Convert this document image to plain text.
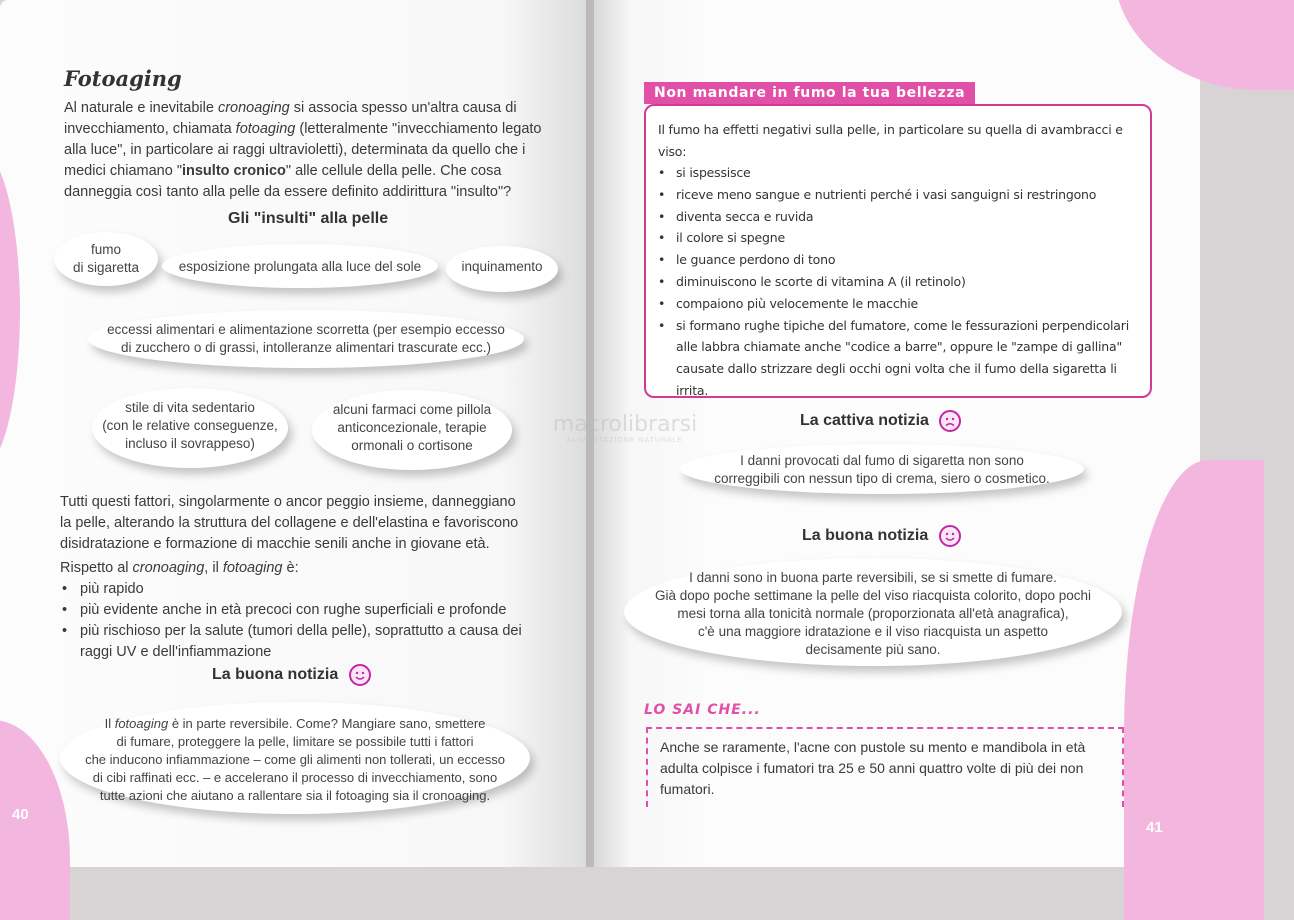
Fotoaging
Al naturale e inevitabile cronoaging si associa spesso un'altra causa di invecchiamento, chiamata fotoaging (letteralmente "invecchiamento legato alla luce", in particolare ai raggi ultravioletti), determinata da quello che i medici chiamano "insulto cronico" alle cellule della pelle. Che cosa danneggia così tanto alla pelle da essere definito addirittura "insulto"?
Gli "insulti" alla pelle
fumo
di sigaretta	esposizione prolungata alla luce del sole	inquinamento
eccessi alimentari e alimentazione scorretta (per esempio eccesso
di zucchero o di grassi, intolleranze alimentari trascurate ecc.)
stile di vita sedentario
(con le relative conseguenze,
incluso il sovrappeso)
alcuni farmaci come pillola
anticoncezionale, terapie
ormonali o cortisone
Tutti questi fattori, singolarmente o ancor peggio insieme, danneggiano la pelle, alterando la struttura del collagene e dell'elastina e favoriscono disidratazione e formazione di macchie senili anche in giovane età.
Rispetto al cronoaging, il fotoaging è:
• più rapido
• più evidente anche in età precoci con rughe superficiali e profonde
• più rischioso per la salute (tumori della pelle), soprattutto a causa dei raggi UV e dell'infiammazione
La buona notizia
Il fotoaging è in parte reversibile. Come? Mangiare sano, smettere
di fumare, proteggere la pelle, limitare se possibile tutti i fattori
che inducono infiammazione – come gli alimenti non tollerati, un eccesso
di cibi raffinati ecc. – e accelerano il processo di invecchiamento, sono
tutte azioni che aiutano a rallentare sia il fotoaging sia il cronoaging.
40
Non mandare in fumo la tua bellezza
Il fumo ha effetti negativi sulla pelle, in particolare su quella di avambracci e viso:
• si ispessisce
• riceve meno sangue e nutrienti perché i vasi sanguigni si restringono
• diventa secca e ruvida
• il colore si spegne
• le guance perdono di tono
• diminuiscono le scorte di vitamina A (il retinolo)
• compaiono più velocemente le macchie
• si formano rughe tipiche del fumatore, come le fessurazioni perpendicolari alle labbra chiamate anche "codice a barre", oppure le "zampe di gallina" causate dallo strizzare degli occhi ogni volta che il fumo della sigaretta li irrita.
macrolibrarsi
ALIMENTAZIONE NATURALE
La cattiva notizia
I danni provocati dal fumo di sigaretta non sono
correggibili con nessun tipo di crema, siero o cosmetico.
La buona notizia
I danni sono in buona parte reversibili, se si smette di fumare.
Già dopo poche settimane la pelle del viso riacquista colorito, dopo pochi
mesi torna alla tonicità normale (proporzionata all'età anagrafica),
c'è una maggiore idratazione e il viso riacquista un aspetto
decisamente più sano.
LO SAI CHE...
Anche se raramente, l'acne con pustole su mento e mandibola in età adulta colpisce i fumatori tra 25 e 50 anni quattro volte di più dei non fumatori.
41
